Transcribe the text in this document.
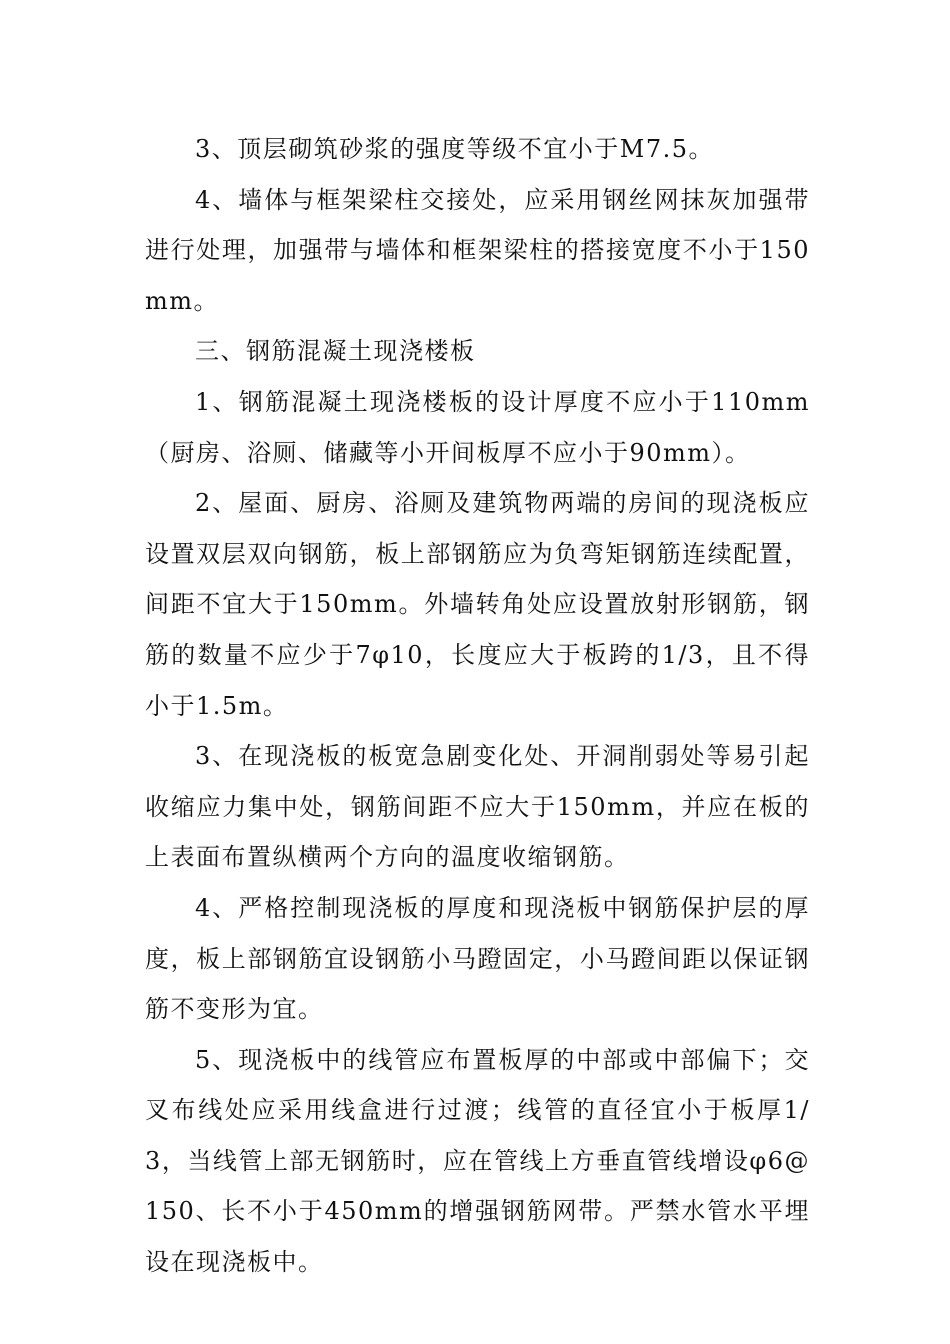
3、顶层砌筑砂浆的强度等级不宜小于M7.5。

4、墙体与框架梁柱交接处，应采用钢丝网抹灰加强带进行处理，加强带与墙体和框架梁柱的搭接宽度不小于150mm。

三、钢筋混凝土现浇楼板

1、钢筋混凝土现浇楼板的设计厚度不应小于110mm（厨房、浴厕、储藏等小开间板厚不应小于90mm）。

2、屋面、厨房、浴厕及建筑物两端的房间的现浇板应设置双层双向钢筋，板上部钢筋应为负弯矩钢筋连续配置，间距不宜大于150mm。外墙转角处应设置放射形钢筋，钢筋的数量不应少于7φ10，长度应大于板跨的1/3，且不得小于1.5m。

3、在现浇板的板宽急剧变化处、开洞削弱处等易引起收缩应力集中处，钢筋间距不应大于150mm，并应在板的上表面布置纵横两个方向的温度收缩钢筋。

4、严格控制现浇板的厚度和现浇板中钢筋保护层的厚度，板上部钢筋宜设钢筋小马蹬固定，小马蹬间距以保证钢筋不变形为宜。

5、现浇板中的线管应布置板厚的中部或中部偏下；交叉布线处应采用线盒进行过渡；线管的直径宜小于板厚1/3，当线管上部无钢筋时，应在管线上方垂直管线增设φ6@150、长不小于450mm的增强钢筋网带。严禁水管水平埋设在现浇板中。
